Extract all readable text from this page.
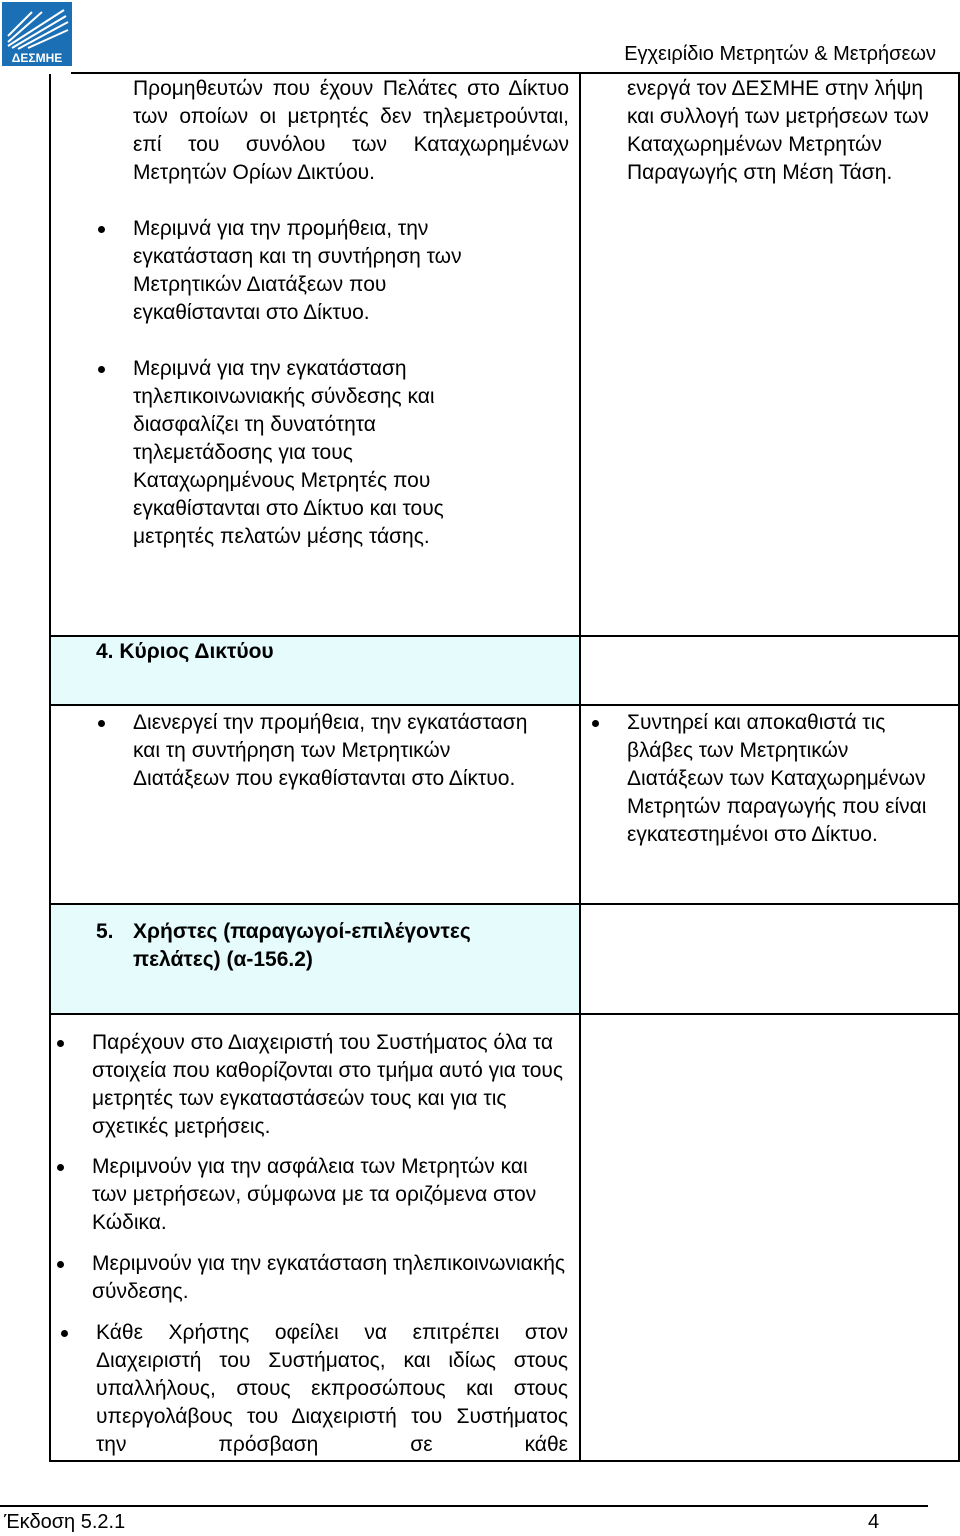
ΔΕΣΜΗΕ	Εγχειρίδιο Μετρητών & Μετρήσεων

Προμηθευτών που έχουν Πελάτες στο Δίκτυο των οποίων οι μετρητές δεν τηλεμετρούνται, επί του συνόλου των Καταχωρημένων Μετρητών Ορίων Δικτύου.

Μεριμνά για την προμήθεια, την εγκατάσταση και τη συντήρηση των Μετρητικών Διατάξεων που εγκαθίστανται στο Δίκτυο.

Μεριμνά για την εγκατάσταση τηλεπικοινωνιακής σύνδεσης και διασφαλίζει τη δυνατότητα τηλεμετάδοσης για τους Καταχωρημένους Μετρητές που εγκαθίστανται στο Δίκτυο και τους μετρητές πελατών μέσης τάσης.

ενεργά τον ΔΕΣΜΗΕ στην λήψη και συλλογή των μετρήσεων των Καταχωρημένων Μετρητών Παραγωγής στη Μέση Τάση.

4. Κύριος Δικτύου

Διενεργεί την προμήθεια, την εγκατάσταση και τη συντήρηση των Μετρητικών Διατάξεων που εγκαθίστανται στο Δίκτυο.

Συντηρεί και αποκαθιστά τις βλάβες των Μετρητικών Διατάξεων των Καταχωρημένων Μετρητών παραγωγής που είναι εγκατεστημένοι στο Δίκτυο.

5. Χρήστες (παραγωγοί-επιλέγοντες

πελάτες) (α-156.2)

Παρέχουν στο Διαχειριστή του Συστήματος όλα τα στοιχεία που καθορίζονται στο τμήμα αυτό για τους μετρητές των εγκαταστάσεών τους και για τις σχετικές μετρήσεις.

Μεριμνούν για την ασφάλεια των Μετρητών και των μετρήσεων, σύμφωνα με τα οριζόμενα στον Κώδικα.

Μεριμνούν για την εγκατάσταση τηλεπικοινωνιακής σύνδεσης.

Κάθε Χρήστης οφείλει να επιτρέπει στον Διαχειριστή του Συστήματος, και ιδίως στους υπαλλήλους, στους εκπροσώπους και στους υπεργολάβους του Διαχειριστή του Συστήματος την πρόσβαση σε κάθε

Έκδοση 5.2.1	4
